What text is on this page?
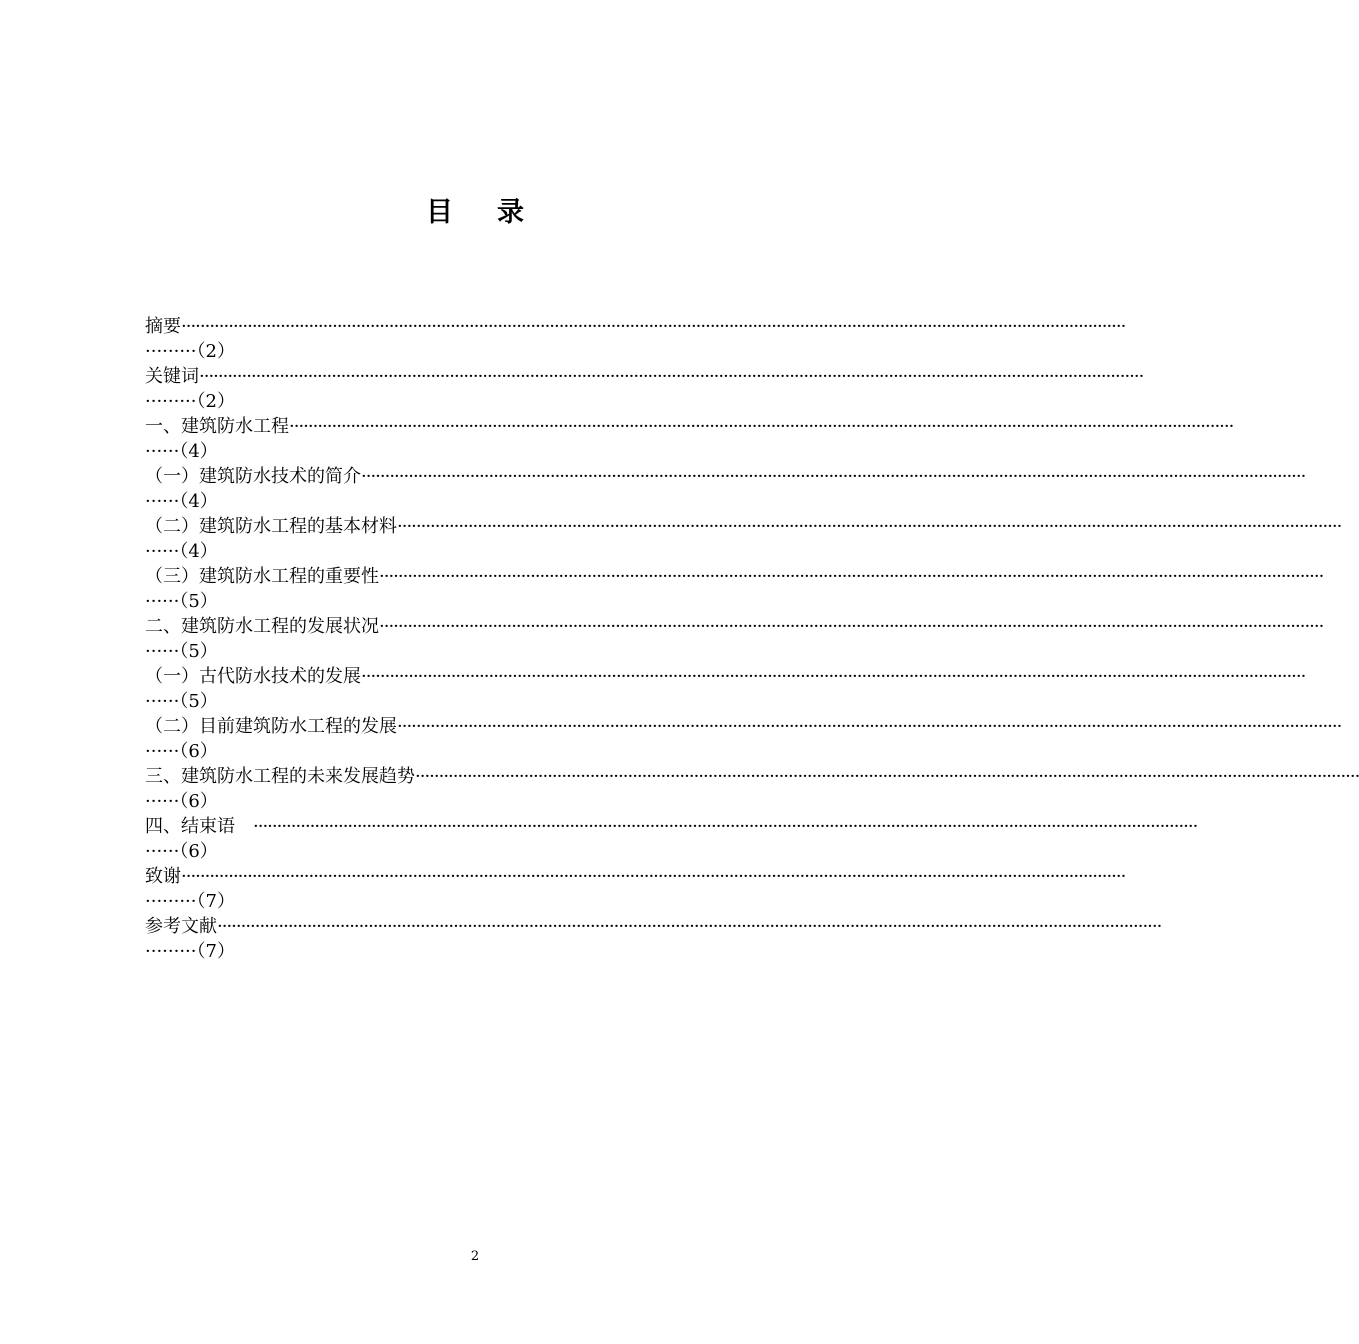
目 录
摘要 ········································································································································································································
·········（2）
关键词 ········································································································································································································
·········（2）
一、建筑防水工程 ········································································································································································································
······（4）
（一）建筑防水技术的简介 ········································································································································································································
······（4）
（二）建筑防水工程的基本材料 ········································································································································································································
······（4）
（三）建筑防水工程的重要性 ········································································································································································································
······（5）
二、建筑防水工程的发展状况 ········································································································································································································
······（5）
（一）古代防水技术的发展 ········································································································································································································
······（5）
（二）目前建筑防水工程的发展 ········································································································································································································
······（6）
三、建筑防水工程的未来发展趋势 ········································································································································································································
······（6）
四、结束语　 ········································································································································································································
······（6）
致谢 ········································································································································································································
·········（7）
参考文献 ········································································································································································································
·········（7）
2
